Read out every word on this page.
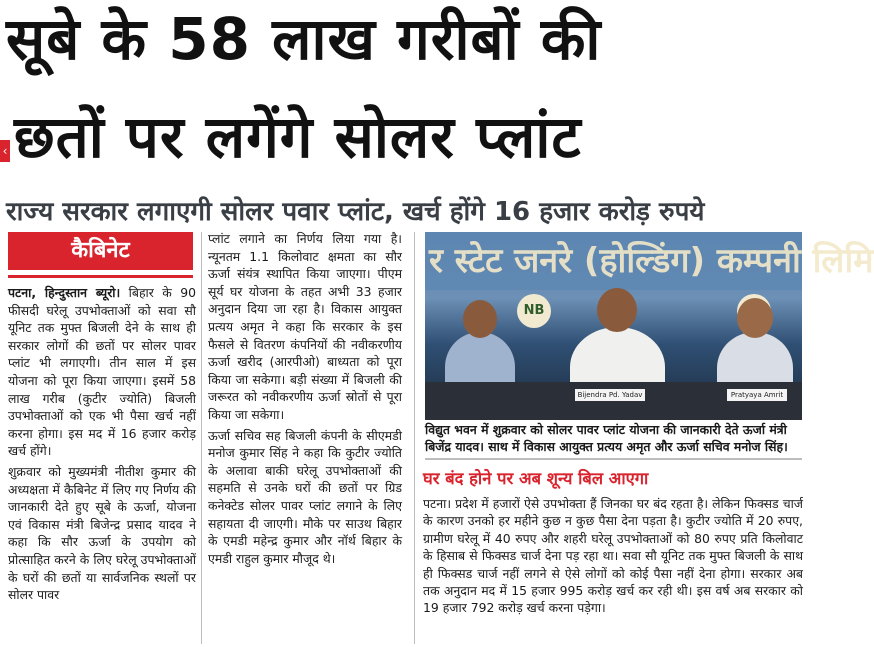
सूबे के 58 लाख गरीबों की
‹ छतों पर लगेंगे सोलर प्लांट
राज्य सरकार लगाएगी सोलर पवार प्लांट, खर्च होंगे 16 हजार करोड़ रुपये
कैबिनेट

पटना, हिन्दुस्तान ब्यूरो। बिहार के 90 फीसदी घरेलू उपभोक्ताओं को सवा सौ यूनिट तक मुफ्त बिजली देने के साथ ही सरकार लोगों की छतों पर सोलर पावर प्लांट भी लगाएगी। तीन साल में इस योजना को पूरा किया जाएगा। इसमें 58 लाख गरीब (कुटीर ज्योति) बिजली उपभोक्ताओं को एक भी पैसा खर्च नहीं करना होगा। इस मद में 16 हजार करोड़ खर्च होंगे।

शुक्रवार को मुख्यमंत्री नीतीश कुमार की अध्यक्षता में कैबिनेट में लिए गए निर्णय की जानकारी देते हुए सूबे के ऊर्जा, योजना एवं विकास मंत्री बिजेन्द्र प्रसाद यादव ने कहा कि सौर ऊर्जा के उपयोग को प्रोत्साहित करने के लिए घरेलू उपभोक्ताओं के घरों की छतों या सार्वजनिक स्थलों पर सोलर पावर

प्लांट लगाने का निर्णय लिया गया है। न्यूनतम 1.1 किलोवाट क्षमता का सौर ऊर्जा संयंत्र स्थापित किया जाएगा। पीएम सूर्य घर योजना के तहत अभी 33 हजार अनुदान दिया जा रहा है। विकास आयुक्त प्रत्यय अमृत ने कहा कि सरकार के इस फैसले से वितरण कंपनियों की नवीकरणीय ऊर्जा खरीद (आरपीओ) बाध्यता को पूरा किया जा सकेगा। बड़ी संख्या में बिजली की जरूरत को नवीकरणीय ऊर्जा स्रोतों से पूरा किया जा सकेगा।

ऊर्जा सचिव सह बिजली कंपनी के सीएमडी मनोज कुमार सिंह ने कहा कि कुटीर ज्योति के अलावा बाकी घरेलू उपभोक्ताओं की सहमति से उनके घरों की छतों पर ग्रिड कनेक्टेड सोलर पावर प्लांट लगाने के लिए सहायता दी जाएगी। मौके पर साउथ बिहार के एमडी महेन्द्र कुमार और नॉर्थ बिहार के एमडी राहुल कुमार मौजूद थे।

र स्टेट जनरे (होल्डिंग) कम्पनी लिमि
NB
Bijendra Pd. Yadav	Pratyaya Amrit
विद्युत भवन में शुक्रवार को सोलर पावर प्लांट योजना की जानकारी देते ऊर्जा मंत्री बिजेंद्र यादव। साथ में विकास आयुक्त प्रत्यय अमृत और ऊर्जा सचिव मनोज सिंह।
घर बंद होने पर अब शून्य बिल आएगा
पटना। प्रदेश में हजारों ऐसे उपभोक्ता हैं जिनका घर बंद रहता है। लेकिन फिक्सड चार्ज के कारण उनको हर महीने कुछ न कुछ पैसा देना पड़ता है। कुटीर ज्योति में 20 रुपए, ग्रामीण घरेलू में 40 रुपए और शहरी घरेलू उपभोक्ताओं को 80 रुपए प्रति किलोवाट के हिसाब से फिक्सड चार्ज देना पड़ रहा था। सवा सौ यूनिट तक मुफ्त बिजली के साथ ही फिक्सड चार्ज नहीं लगने से ऐसे लोगों को कोई पैसा नहीं देना होगा। सरकार अब तक अनुदान मद में 15 हजार 995 करोड़ खर्च कर रही थी। इस वर्ष अब सरकार को 19 हजार 792 करोड़ खर्च करना पड़ेगा।
